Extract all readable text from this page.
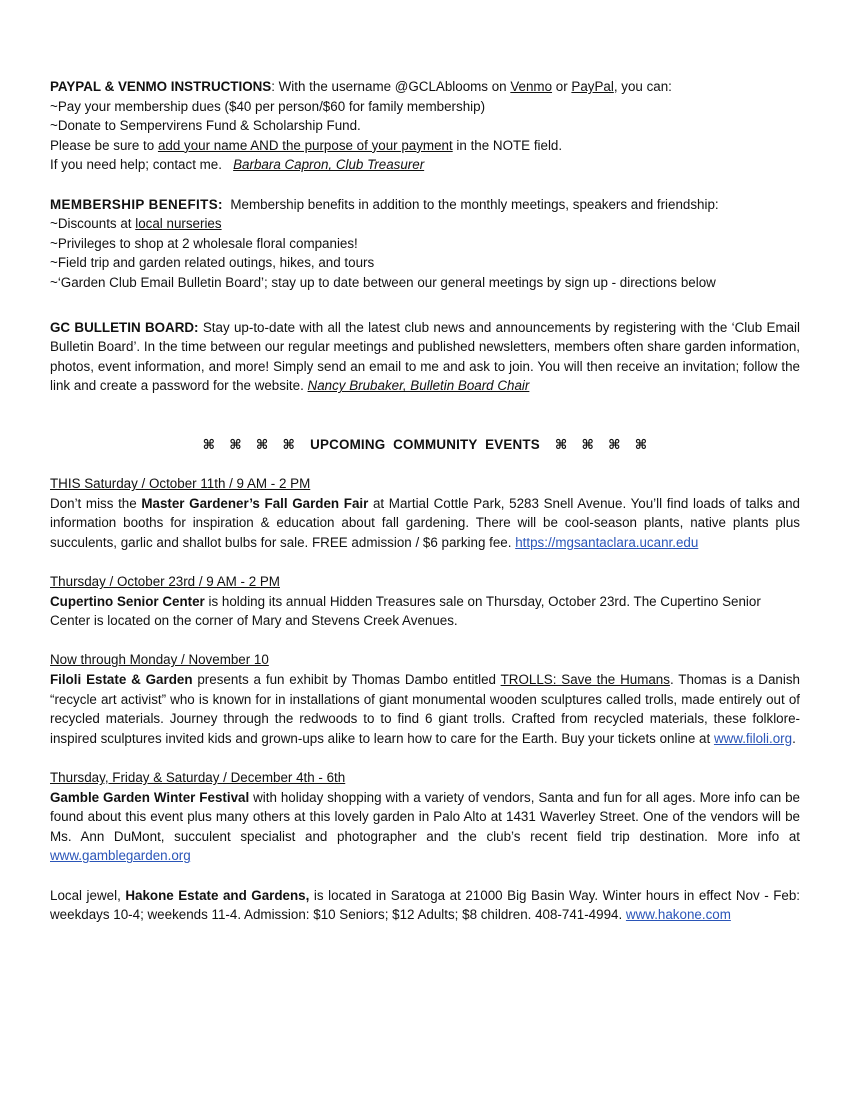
PAYPAL & VENMO INSTRUCTIONS: With the username @GCLAblooms on Venmo or PayPal, you can:

~Pay your membership dues ($40 per person/$60 for family membership)

~Donate to Sempervirens Fund & Scholarship Fund.

Please be sure to add your name AND the purpose of your payment in the NOTE field.

If you need help; contact me.   Barbara Capron, Club Treasurer

MEMBERSHIP BENEFITS:  Membership benefits in addition to the monthly meetings, speakers and friendship:

~Discounts at local nurseries

~Privileges to shop at 2 wholesale floral companies!

~Field trip and garden related outings, hikes, and tours

~‘Garden Club Email Bulletin Board’; stay up to date between our general meetings by sign up - directions below

GC BULLETIN BOARD: Stay up-to-date with all the latest club news and announcements by registering with the ‘Club Email Bulletin Board’. In the time between our regular meetings and published newsletters, members often share garden information, photos, event information, and more! Simply send an email to me and ask to join. You will then receive an invitation; follow the link and create a password for the website. Nancy Brubaker, Bulletin Board Chair

⌘ ⌘ ⌘ ⌘ UPCOMING  COMMUNITY  EVENTS ⌘ ⌘ ⌘ ⌘

THIS Saturday / October 11th / 9 AM - 2 PM

Don’t miss the Master Gardener’s Fall Garden Fair at Martial Cottle Park, 5283 Snell Avenue. You’ll find loads of talks and information booths for inspiration & education about fall gardening. There will be cool-season plants, native plants plus succulents, garlic and shallot bulbs for sale. FREE admission / $6 parking fee. https://mgsantaclara.ucanr.edu

Thursday / October 23rd / 9 AM - 2 PM

Cupertino Senior Center is holding its annual Hidden Treasures sale on Thursday, October 23rd. The Cupertino Senior Center is located on the corner of Mary and Stevens Creek Avenues.

Now through Monday / November 10

Filoli Estate & Garden presents a fun exhibit by Thomas Dambo entitled TROLLS: Save the Humans. Thomas is a Danish “recycle art activist” who is known for in installations of giant monumental wooden sculptures called trolls, made entirely out of recycled materials. Journey through the redwoods to to find 6 giant trolls. Crafted from recycled materials, these folklore-inspired sculptures invited kids and grown-ups alike to learn how to care for the Earth. Buy your tickets online at www.filoli.org.

Thursday, Friday & Saturday / December 4th - 6th

Gamble Garden Winter Festival with holiday shopping with a variety of vendors, Santa and fun for all ages. More info can be found about this event plus many others at this lovely garden in Palo Alto at 1431 Waverley Street. One of the vendors will be Ms. Ann DuMont, succulent specialist and photographer and the club’s recent field trip destination. More info at www.gamblegarden.org

Local jewel, Hakone Estate and Gardens, is located in Saratoga at 21000 Big Basin Way. Winter hours in effect Nov - Feb: weekdays 10-4; weekends 11-4. Admission: $10 Seniors; $12 Adults; $8 children. 408-741-4994. www.hakone.com
